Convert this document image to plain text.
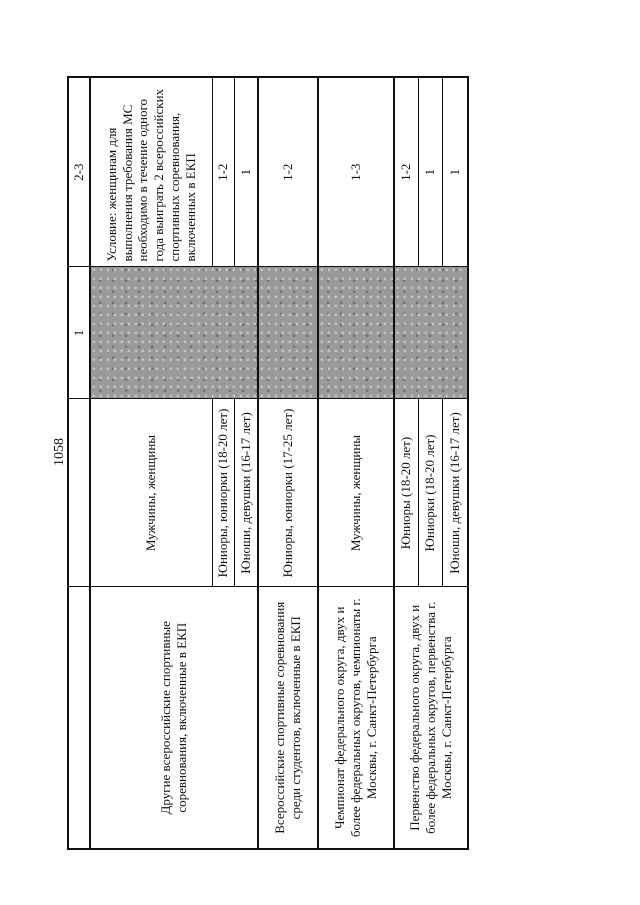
1058
		1	2-3
Другие всероссийские спортивные соревнования, включенные в ЕКП	Мужчины, женщины		Условие: женщинам для выполнения требования МС необходимо в течение одного года выиграть 2 всероссийских спортивных соревнования, включенных в ЕКП
	Юниоры, юниорки (18-20 лет)		1-2
	Юноши, девушки (16-17 лет)		1
Всероссийские спортивные соревнования среди студентов, включенные в ЕКП	Юниоры, юниорки (17-25 лет)		1-2
Чемпионат федерального округа, двух и более федеральных округов, чемпионаты г. Москвы, г. Санкт-Петербурга	Мужчины, женщины		1-3
Первенство федерального округа, двух и более федеральных округов, первенства г. Москвы, г. Санкт-Петербурга	Юниоры (18-20 лет)		1-2
	Юниорки (18-20 лет)		1
	Юноши, девушки (16-17 лет)		1
